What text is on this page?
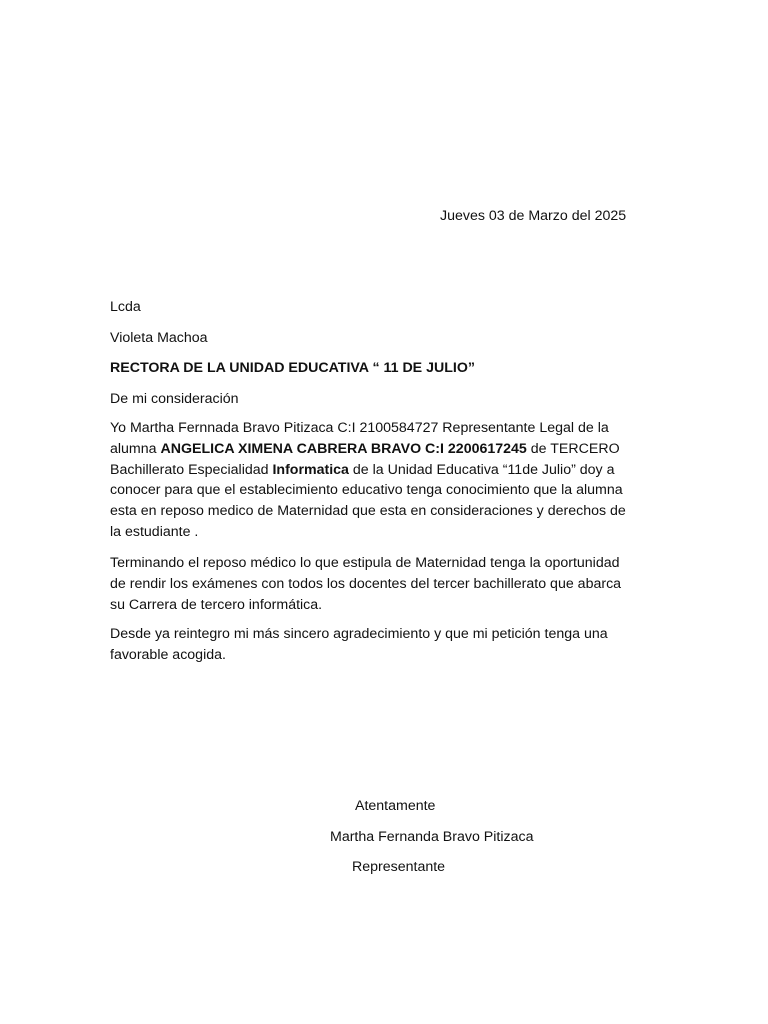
Jueves 03 de Marzo del 2025
Lcda
Violeta Machoa
RECTORA DE LA UNIDAD EDUCATIVA “ 11 DE JULIO”
De mi consideración
Yo Martha Fernnada Bravo Pitizaca C:I 2100584727 Representante Legal de la
alumna ANGELICA XIMENA CABRERA BRAVO C:I 2200617245 de TERCERO
Bachillerato Especialidad Informatica de la Unidad Educativa “11de Julio” doy a
conocer para que el establecimiento educativo tenga conocimiento que la alumna
esta en reposo medico de Maternidad que esta en consideraciones y derechos de
la estudiante .
Terminando el reposo médico lo que estipula de Maternidad tenga la oportunidad
de rendir los exámenes con todos los docentes del tercer bachillerato que abarca
su Carrera de tercero informática.
Desde ya reintegro mi más sincero agradecimiento y que mi petición tenga una
favorable acogida.
Atentamente
Martha Fernanda Bravo Pitizaca
Representante
